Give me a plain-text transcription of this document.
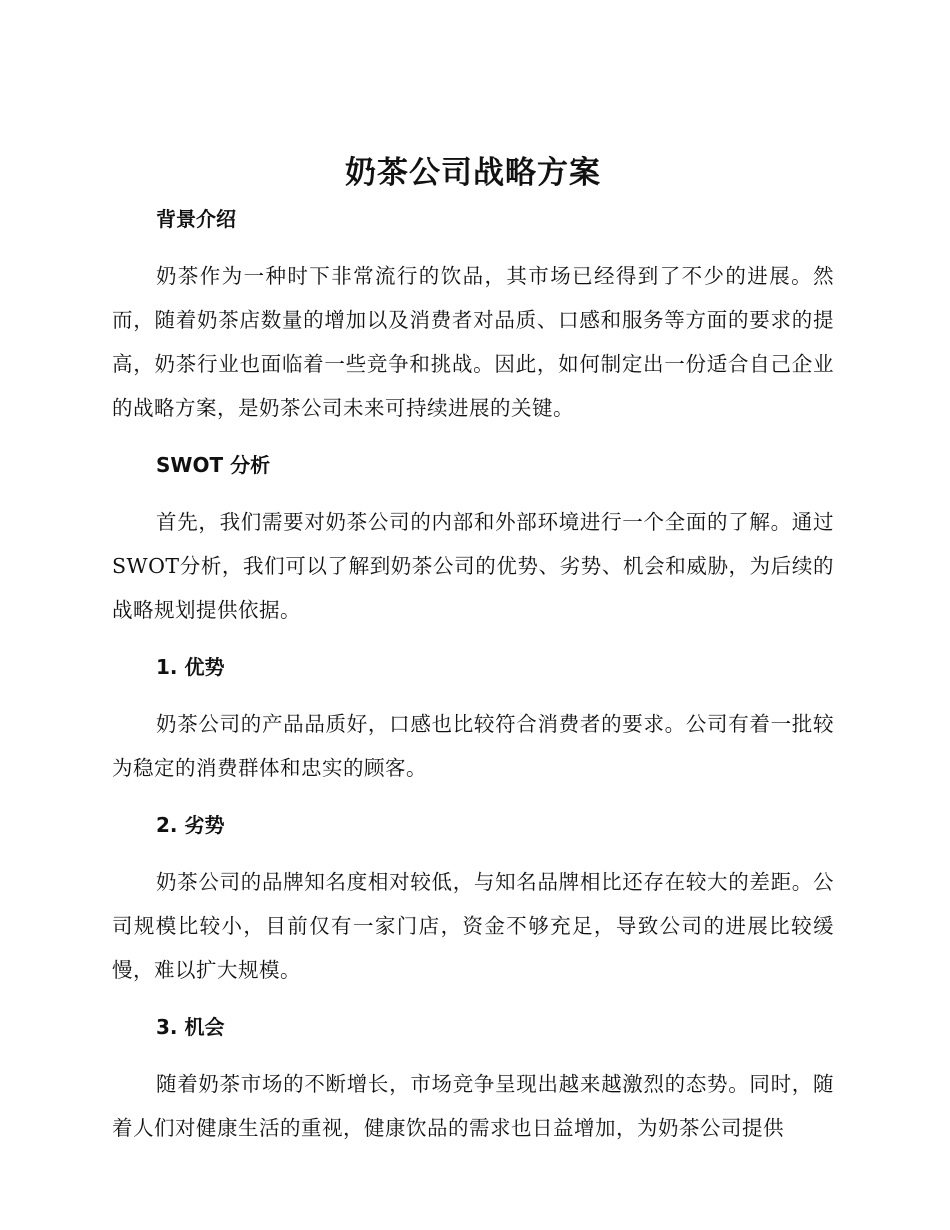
奶茶公司战略方案
背景介绍

奶茶作为一种时下非常流行的饮品，其市场已经得到了不少的进展。然而，随着奶茶店数量的增加以及消费者对品质、口感和服务等方面的要求的提高，奶茶行业也面临着一些竞争和挑战。因此，如何制定出一份适合自己企业的战略方案，是奶茶公司未来可持续进展的关键。

SWOT 分析

首先，我们需要对奶茶公司的内部和外部环境进行一个全面的了解。通过SWOT分析，我们可以了解到奶茶公司的优势、劣势、机会和威胁，为后续的战略规划提供依据。

1. 优势

奶茶公司的产品品质好，口感也比较符合消费者的要求。公司有着一批较为稳定的消费群体和忠实的顾客。

2. 劣势

奶茶公司的品牌知名度相对较低，与知名品牌相比还存在较大的差距。公司规模比较小，目前仅有一家门店，资金不够充足，导致公司的进展比较缓慢，难以扩大规模。

3. 机会

随着奶茶市场的不断增长，市场竞争呈现出越来越激烈的态势。同时，随着人们对健康生活的重视，健康饮品的需求也日益增加，为奶茶公司提供
